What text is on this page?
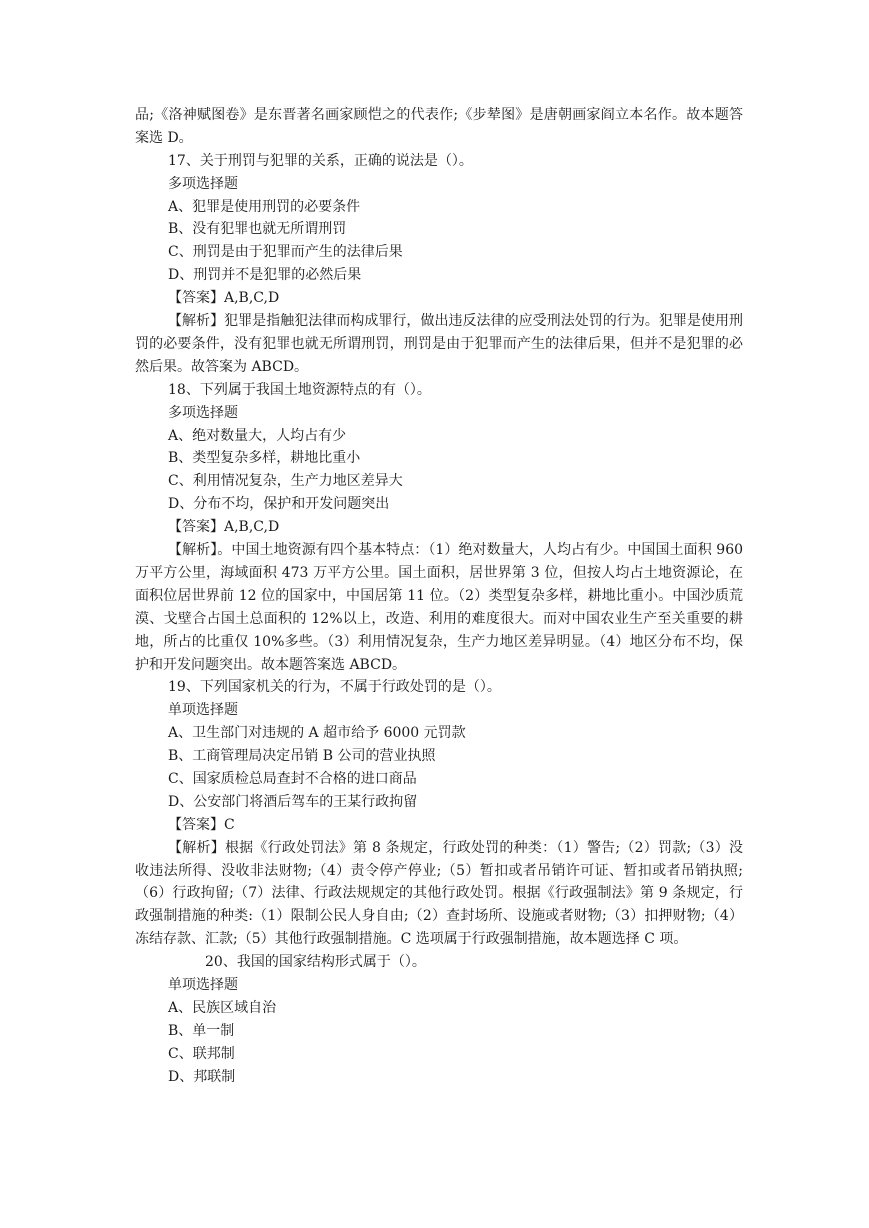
品;《洛神赋图卷》是东晋著名画家顾恺之的代表作;《步辇图》是唐朝画家阎立本名作。故本题答案选 D。
17、关于刑罚与犯罪的关系，正确的说法是（）。
多项选择题
A、犯罪是使用刑罚的必要条件
B、没有犯罪也就无所谓刑罚
C、刑罚是由于犯罪而产生的法律后果
D、刑罚并不是犯罪的必然后果
【答案】A,B,C,D
【解析】犯罪是指触犯法律而构成罪行，做出违反法律的应受刑法处罚的行为。犯罪是使用刑罚的必要条件，没有犯罪也就无所谓刑罚，刑罚是由于犯罪而产生的法律后果，但并不是犯罪的必然后果。故答案为 ABCD。
18、下列属于我国土地资源特点的有（）。
多项选择题
A、绝对数量大，人均占有少
B、类型复杂多样，耕地比重小
C、利用情况复杂，生产力地区差异大
D、分布不均，保护和开发问题突出
【答案】A,B,C,D
【解析】。中国土地资源有四个基本特点：（1）绝对数量大，人均占有少。中国国土面积 960 万平方公里，海域面积 473 万平方公里。国土面积，居世界第 3 位，但按人均占土地资源论，在面积位居世界前 12 位的国家中，中国居第 11 位。（2）类型复杂多样，耕地比重小。中国沙质荒漠、戈壁合占国土总面积的 12%以上，改造、利用的难度很大。而对中国农业生产至关重要的耕地，所占的比重仅 10%多些。（3）利用情况复杂，生产力地区差异明显。（4）地区分布不均，保护和开发问题突出。故本题答案选 ABCD。
19、下列国家机关的行为，不属于行政处罚的是（）。
单项选择题
A、卫生部门对违规的 A 超市给予 6000 元罚款
B、工商管理局决定吊销 B 公司的营业执照
C、国家质检总局查封不合格的进口商品
D、公安部门将酒后驾车的王某行政拘留
【答案】C
【解析】根据《行政处罚法》第 8 条规定，行政处罚的种类：（1）警告;（2）罚款;（3）没收违法所得、没收非法财物;（4）责令停产停业;（5）暂扣或者吊销许可证、暂扣或者吊销执照;（6）行政拘留;（7）法律、行政法规规定的其他行政处罚。根据《行政强制法》第 9 条规定，行政强制措施的种类:（1）限制公民人身自由;（2）查封场所、设施或者财物;（3）扣押财物;（4）冻结存款、汇款;（5）其他行政强制措施。C 选项属于行政强制措施，故本题选择 C 项。
20、我国的国家结构形式属于（）。
单项选择题
A、民族区域自治
B、单一制
C、联邦制
D、邦联制
